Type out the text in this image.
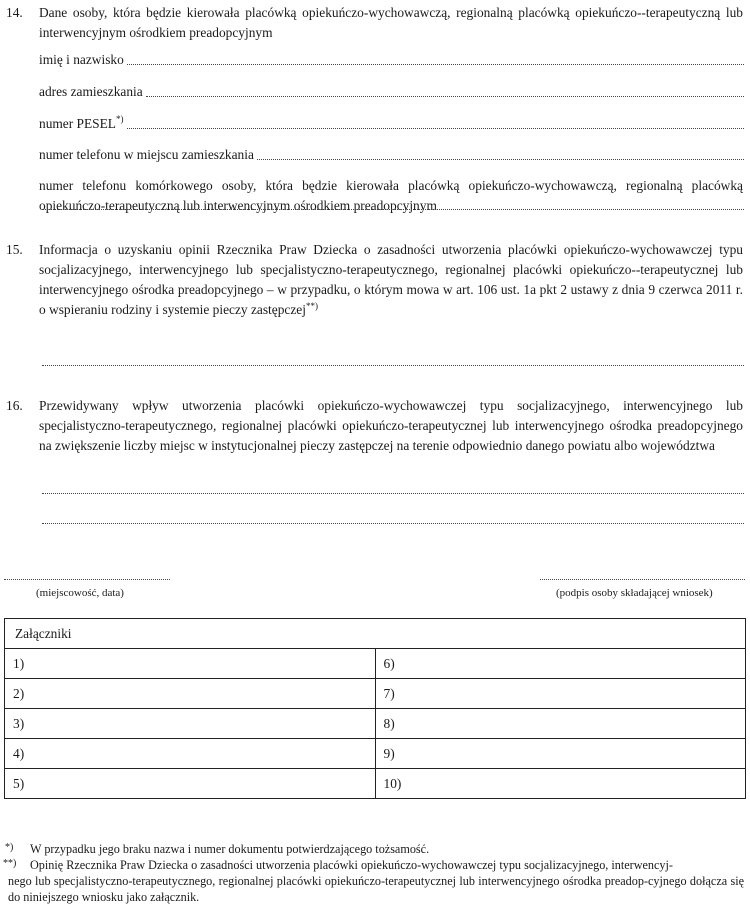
14. Dane osoby, która będzie kierowała placówką opiekuńczo-wychowawczą, regionalną placówką opiekuńczo--terapeutyczną lub interwencyjnym ośrodkiem preadopcyjnym
imię i nazwisko
adres zamieszkania
numer PESEL *)
numer telefonu w miejscu zamieszkania
numer telefonu komórkowego osoby, która będzie kierowała placówką opiekuńczo-wychowawczą, regionalną placówką opiekuńczo-terapeutyczną lub interwencyjnym ośrodkiem preadopcyjnym
15. Informacja o uzyskaniu opinii Rzecznika Praw Dziecka o zasadności utworzenia placówki opiekuńczo-wychowawczej typu socjalizacyjnego, interwencyjnego lub specjalistyczno-terapeutycznego, regionalnej placówki opiekuńczo--terapeutycznej lub interwencyjnego ośrodka preadopcyjnego – w przypadku, o którym mowa w art. 106 ust. 1a pkt 2 ustawy z dnia 9 czerwca 2011 r. o wspieraniu rodziny i systemie pieczy zastępczej**)
16. Przewidywany wpływ utworzenia placówki opiekuńczo-wychowawczej typu socjalizacyjnego, interwencyjnego lub specjalistyczno-terapeutycznego, regionalnej placówki opiekuńczo-terapeutycznej lub interwencyjnego ośrodka preadopcyjnego na zwiększenie liczby miejsc w instytucjonalnej pieczy zastępczej na terenie odpowiednio danego powiatu albo województwa
(miejscowość, data)	(podpis osoby składającej wniosek)
Załączniki	
1)	6)
2)	7)
3)	8)
4)	9)
5)	10)
*) W przypadku jego braku nazwa i numer dokumentu potwierdzającego tożsamość.
**) Opinię Rzecznika Praw Dziecka o zasadności utworzenia placówki opiekuńczo-wychowawczej typu socjalizacyjnego, interwencyj-
nego lub specjalistyczno-terapeutycznego, regionalnej placówki opiekuńczo-terapeutycznej lub interwencyjnego ośrodka preadop-cyjnego dołącza się do niniejszego wniosku jako załącznik.
